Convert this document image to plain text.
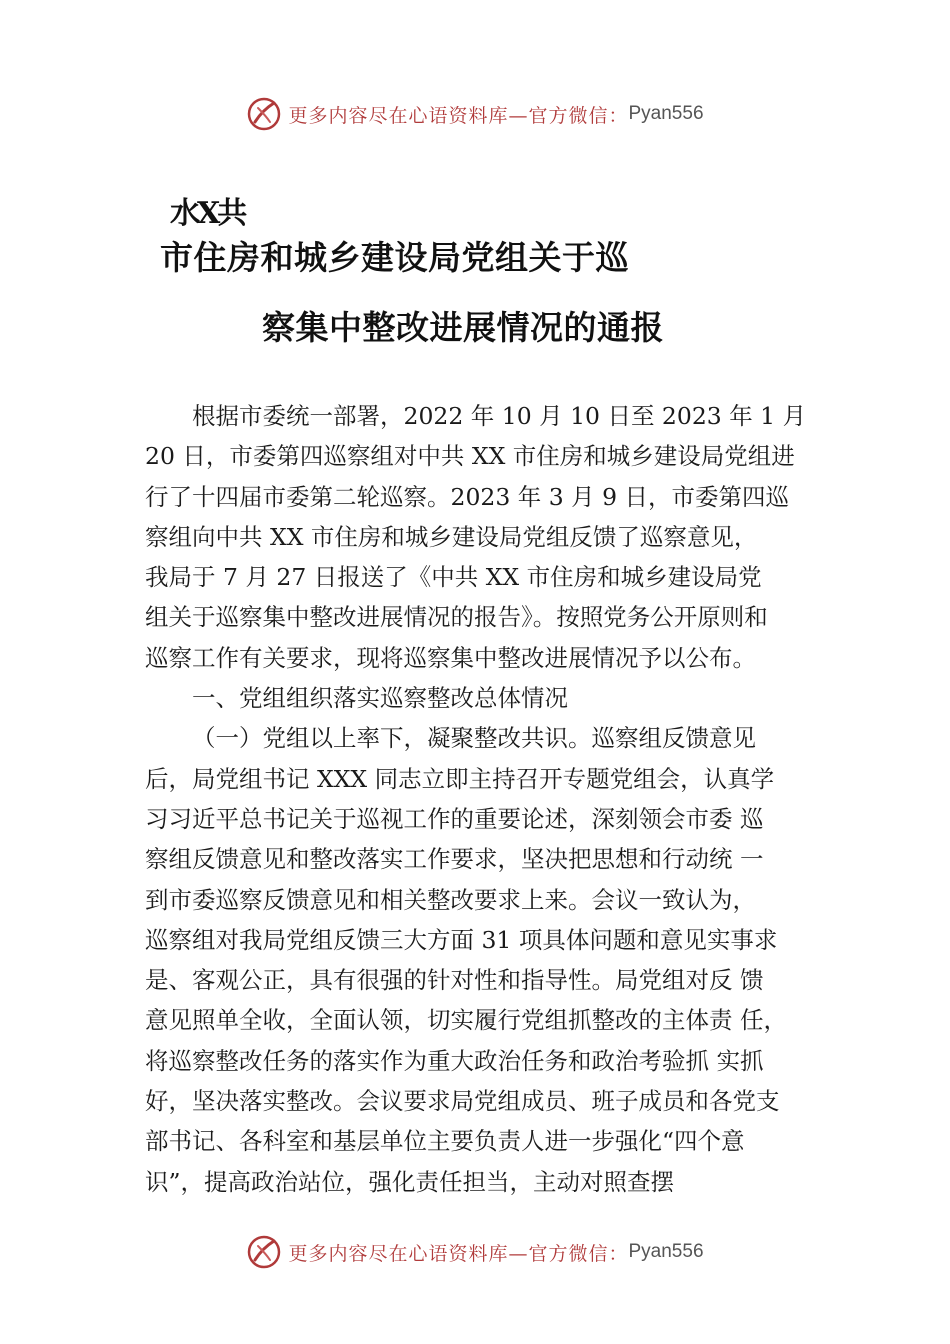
更多内容尽在心语资料库—官方微信： Pyan556
水X共
市住房和城乡建设局党组关于巡
察集中整改进展情况的通报
根据市委统一部署，2022 年 10 月 10 日至 2023 年 1 月
20 日，市委第四巡察组对中共 XX 市住房和城乡建设局党组进
行了十四届市委第二轮巡察。2023 年 3 月 9 日，市委第四巡
察组向中共 XX 市住房和城乡建设局党组反馈了巡察意见，
我局于 7 月 27 日报送了《中共 XX 市住房和城乡建设局党
组关于巡察集中整改进展情况的报告》。按照党务公开原则和
巡察工作有关要求，现将巡察集中整改进展情况予以公布。
一、党组组织落实巡察整改总体情况
（一）党组以上率下，凝聚整改共识。巡察组反馈意见
后，局党组书记 XXX 同志立即主持召开专题党组会，认真学
习习近平总书记关于巡视工作的重要论述，深刻领会市委 巡
察组反馈意见和整改落实工作要求，坚决把思想和行动统 一
到市委巡察反馈意见和相关整改要求上来。会议一致认为，
巡察组对我局党组反馈三大方面 31 项具体问题和意见实事求
是、客观公正，具有很强的针对性和指导性。局党组对反 馈
意见照单全收，全面认领，切实履行党组抓整改的主体责 任，
将巡察整改任务的落实作为重大政治任务和政治考验抓 实抓
好，坚决落实整改。会议要求局党组成员、班子成员和各党支
部书记、各科室和基层单位主要负责人进一步强化“四个意
识”，提高政治站位，强化责任担当，主动对照查摆
更多内容尽在心语资料库—官方微信： Pyan556
